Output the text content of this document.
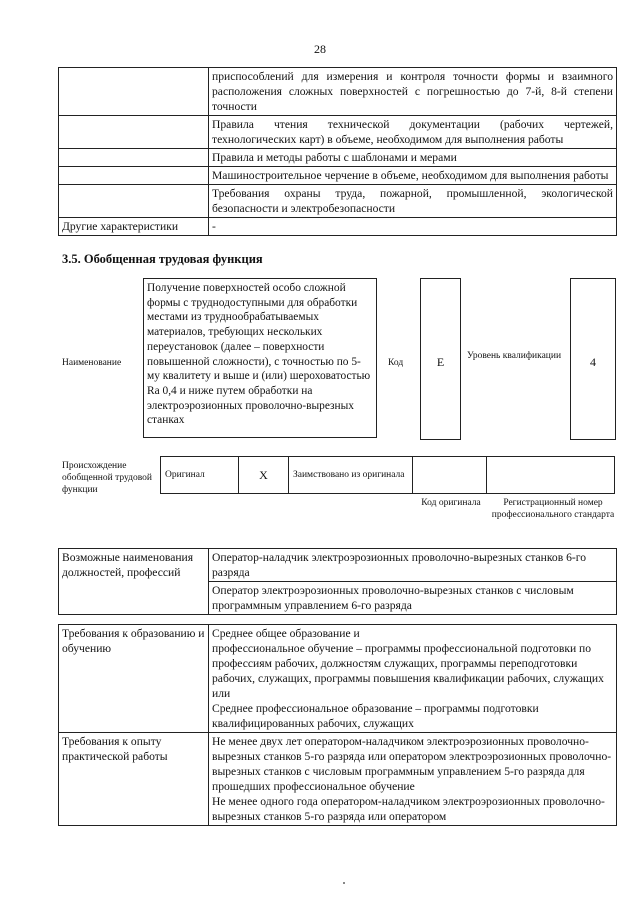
28
	приспособлений для измерения и контроля точности формы и взаимного расположения сложных поверхностей с погрешностью до 7-й, 8-й степени точности
	Правила чтения технической документации (рабочих чертежей, технологических карт) в объеме, необходимом для выполнения работы
	Правила и методы работы с шаблонами и мерами
	Машиностроительное черчение в объеме, необходимом для выполнения работы
	Требования охраны труда, пожарной, промышленной, экологической безопасности и электробезопасности
Другие характеристики	-
3.5. Обобщенная трудовая функция
Наименование
Получение поверхностей особо сложной формы с труднодоступными для обработки местами из труднообрабатываемых материалов, требующих нескольких переустановок (далее – поверхности повышенной сложности), с точностью по 5-му квалитету и выше и (или) шероховатостью Ra 0,4 и ниже путем обработки на электроэрозионных проволочно-вырезных станках
Код	E	Уровень квалификации	4
Происхождение обобщенной трудовой функции
Оригинал	X	Заимствовано из оригинала		
Код оригинала	Регистрационный номер профессионального стандарта
Возможные наименования должностей, профессий	Оператор-наладчик электроэрозионных проволочно-вырезных станков 6-го разряда
Оператор электроэрозионных проволочно-вырезных станков с числовым программным управлением 6-го разряда
Требования к образованию и обучению	Среднее общее образование и
профессиональное обучение – программы профессиональной подготовки по профессиям рабочих, должностям служащих, программы переподготовки рабочих, служащих, программы повышения квалификации рабочих, служащих
или
Среднее профессиональное образование – программы подготовки квалифицированных рабочих, служащих

Требования к опыту практической работы	Не менее двух лет оператором-наладчиком электроэрозионных проволочно-вырезных станков 5-го разряда или оператором электроэрозионных проволочно-вырезных станков с числовым программным управлением 5-го разряда для прошедших профессиональное обучение
Не менее одного года оператором-наладчиком электроэрозионных проволочно-вырезных станков 5-го разряда или оператором
